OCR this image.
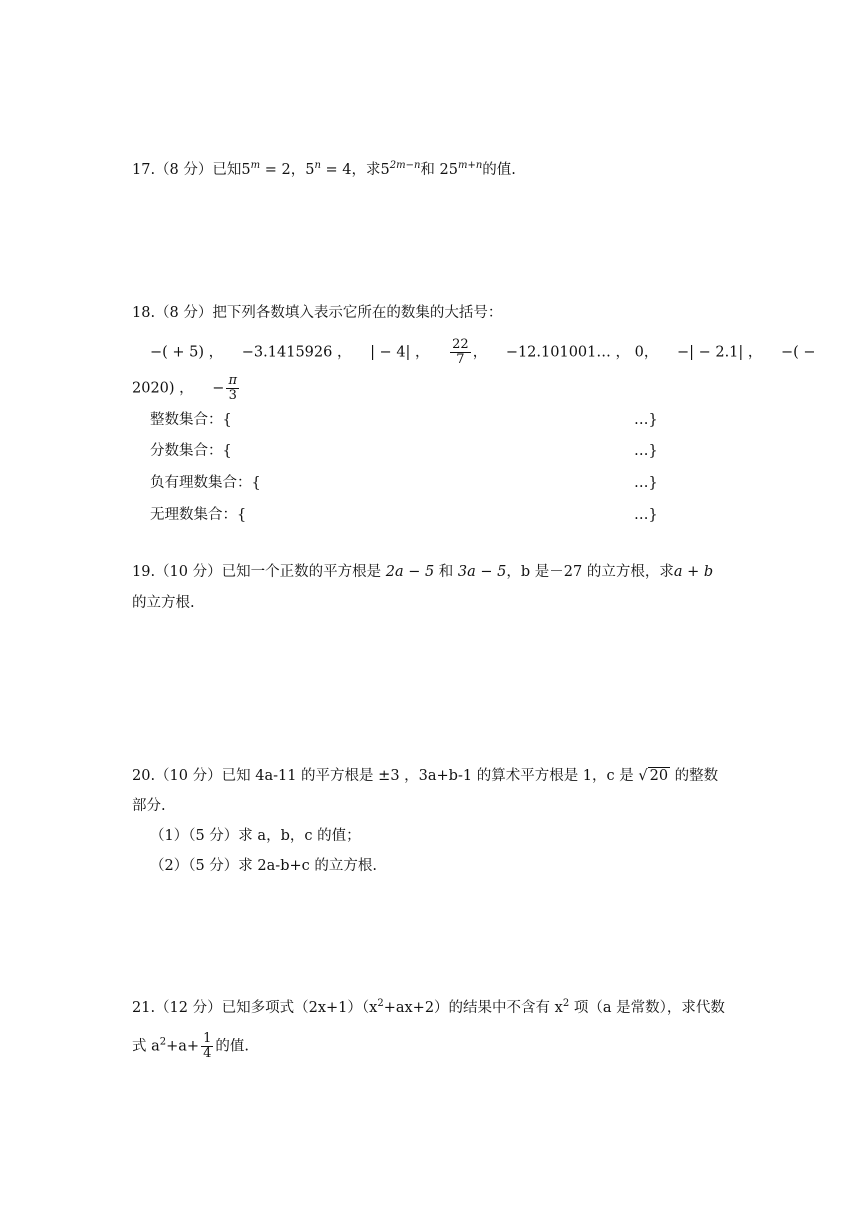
17.（8 分）已知$5^m = 2$，$5^n = 4$，求$5^{2m-n}$和 $25^{m+n}$的值.
18.（8 分）把下列各数填入表示它所在的数集的大括号：
−( + 5) ， −3.1415926 ， | − 4| ， $\frac{22}{7}$ ， −12.101001… ， 0， −| − 2.1| ， −( −
2020) ， − $\frac{\pi}{3}$
整数集合：{	…}
分数集合：{	…}
负有理数集合：{	…}
无理数集合：{	…}
19.（10 分）已知一个正数的平方根是 2a − 5 和 3a − 5，b 是－27 的立方根，求a + b
的立方根.
20.（10 分）已知 4a-11 的平方根是 ±3 ，3a+b-1 的算术平方根是 1，c 是 √ 20 的整数
部分.
（1）（5 分）求 a，b，c 的值；
（2）（5 分）求 2a-b+c 的立方根.
21.（12 分）已知多项式$(2x+1)(x^2+ax+2)$的结果中不含有 $x^2$ 项（a 是常数），求代数
式 $a^2+a+ \frac{1}{4}$ 的值.
